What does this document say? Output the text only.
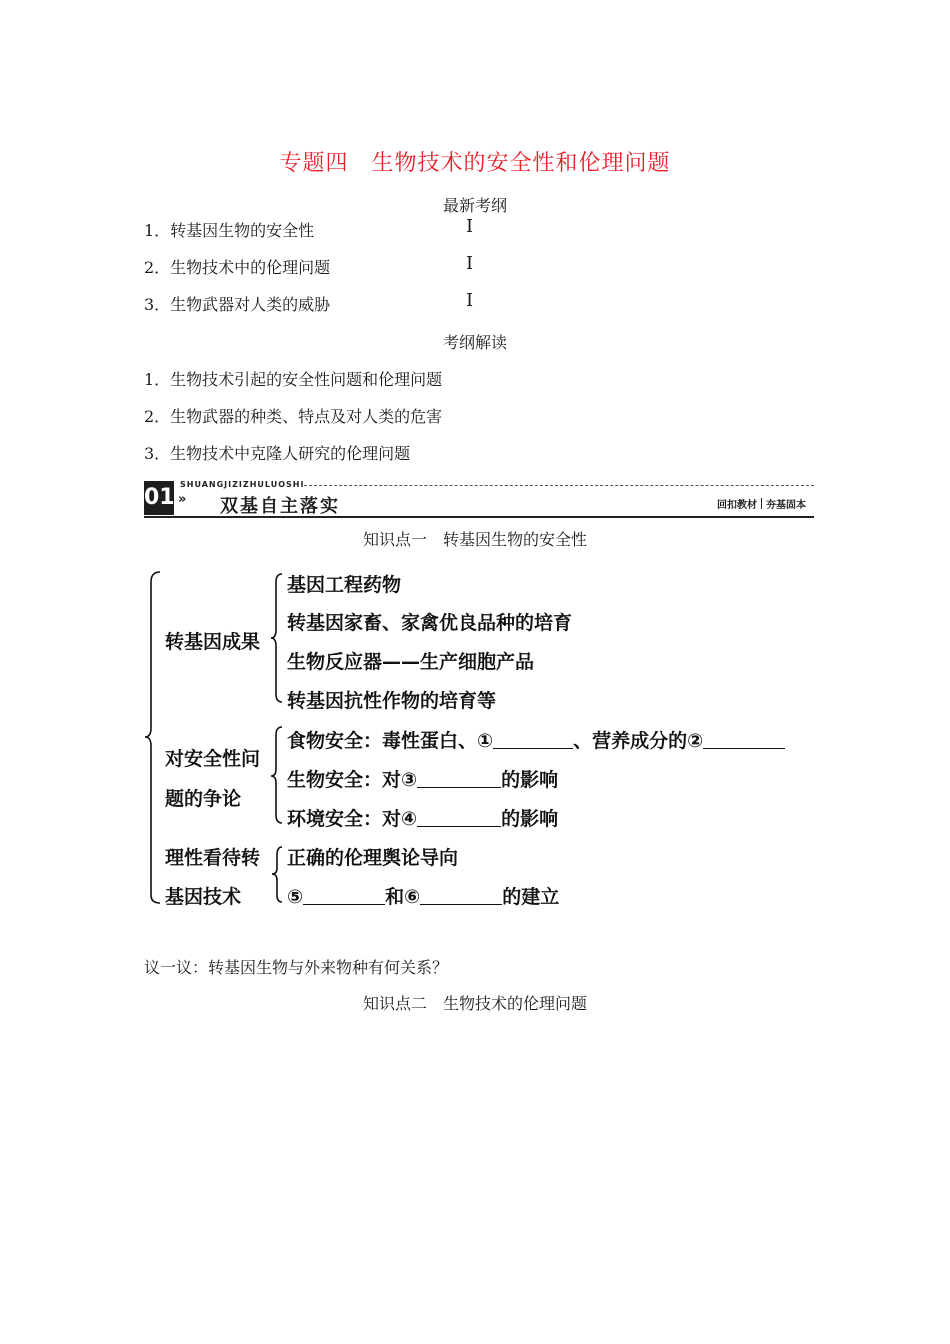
专题四　生物技术的安全性和伦理问题
最新考纲
1．转基因生物的安全性	Ⅰ
2．生物技术中的伦理问题	Ⅰ
3．生物武器对人类的威胁	Ⅰ
考纲解读
1．生物技术引起的安全性问题和伦理问题
2．生物武器的种类、特点及对人类的危害
3．生物技术中克隆人研究的伦理问题
SHUANGJIZIZHULUOSHI
01 » 双基自主落实	回扣教材 夯基固本
知识点一　转基因生物的安全性
转基因成果
基因工程药物
转基因家畜、家禽优良品种的培育
生物反应器——生产细胞产品
转基因抗性作物的培育等
对安全性问
题的争论
食物安全：毒性蛋白、①	、营养成分的②
生物安全：对③	的影响
环境安全：对④	的影响
理性看待转
基因技术
正确的伦理舆论导向
⑤	和⑥	的建立
议一议：转基因生物与外来物种有何关系？
知识点二　生物技术的伦理问题
